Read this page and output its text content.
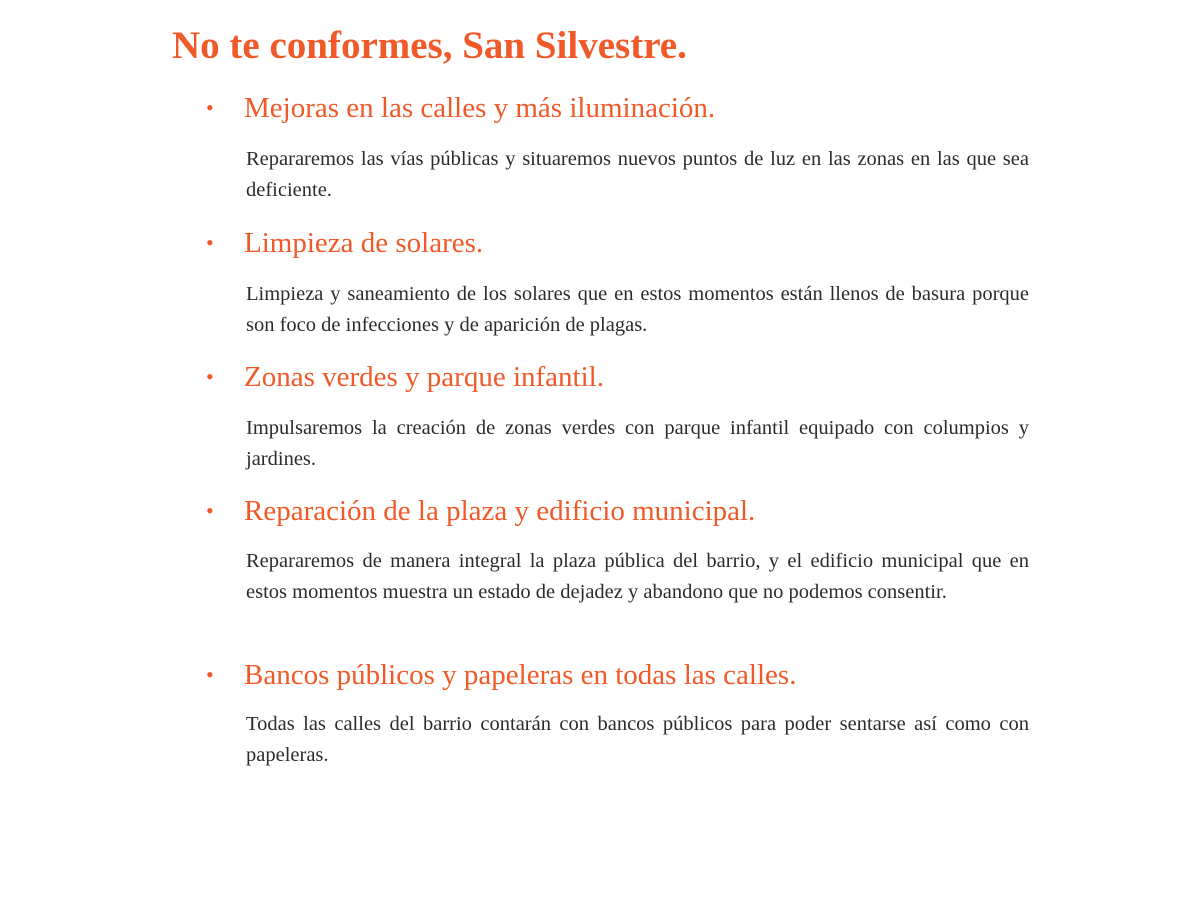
No te conformes, San Silvestre.
• Mejoras en las calles y más iluminación.

Repararemos las vías públicas y situaremos nuevos puntos de luz en las zonas en las que sea deficiente.

• Limpieza de solares.

Limpieza y saneamiento de los solares que en estos momentos están llenos de basura porque son foco de infecciones y de aparición de plagas.

• Zonas verdes y parque infantil.

Impulsaremos la creación de zonas verdes con parque infantil equipado con columpios y jardines.

• Reparación de la plaza y edificio municipal.

Repararemos de manera integral la plaza pública del barrio, y el edificio municipal que en estos momentos muestra un estado de dejadez y abandono que no podemos consentir.

• Bancos públicos y papeleras en todas las calles.

Todas las calles del barrio contarán con bancos públicos para poder sentarse así como con papeleras.
